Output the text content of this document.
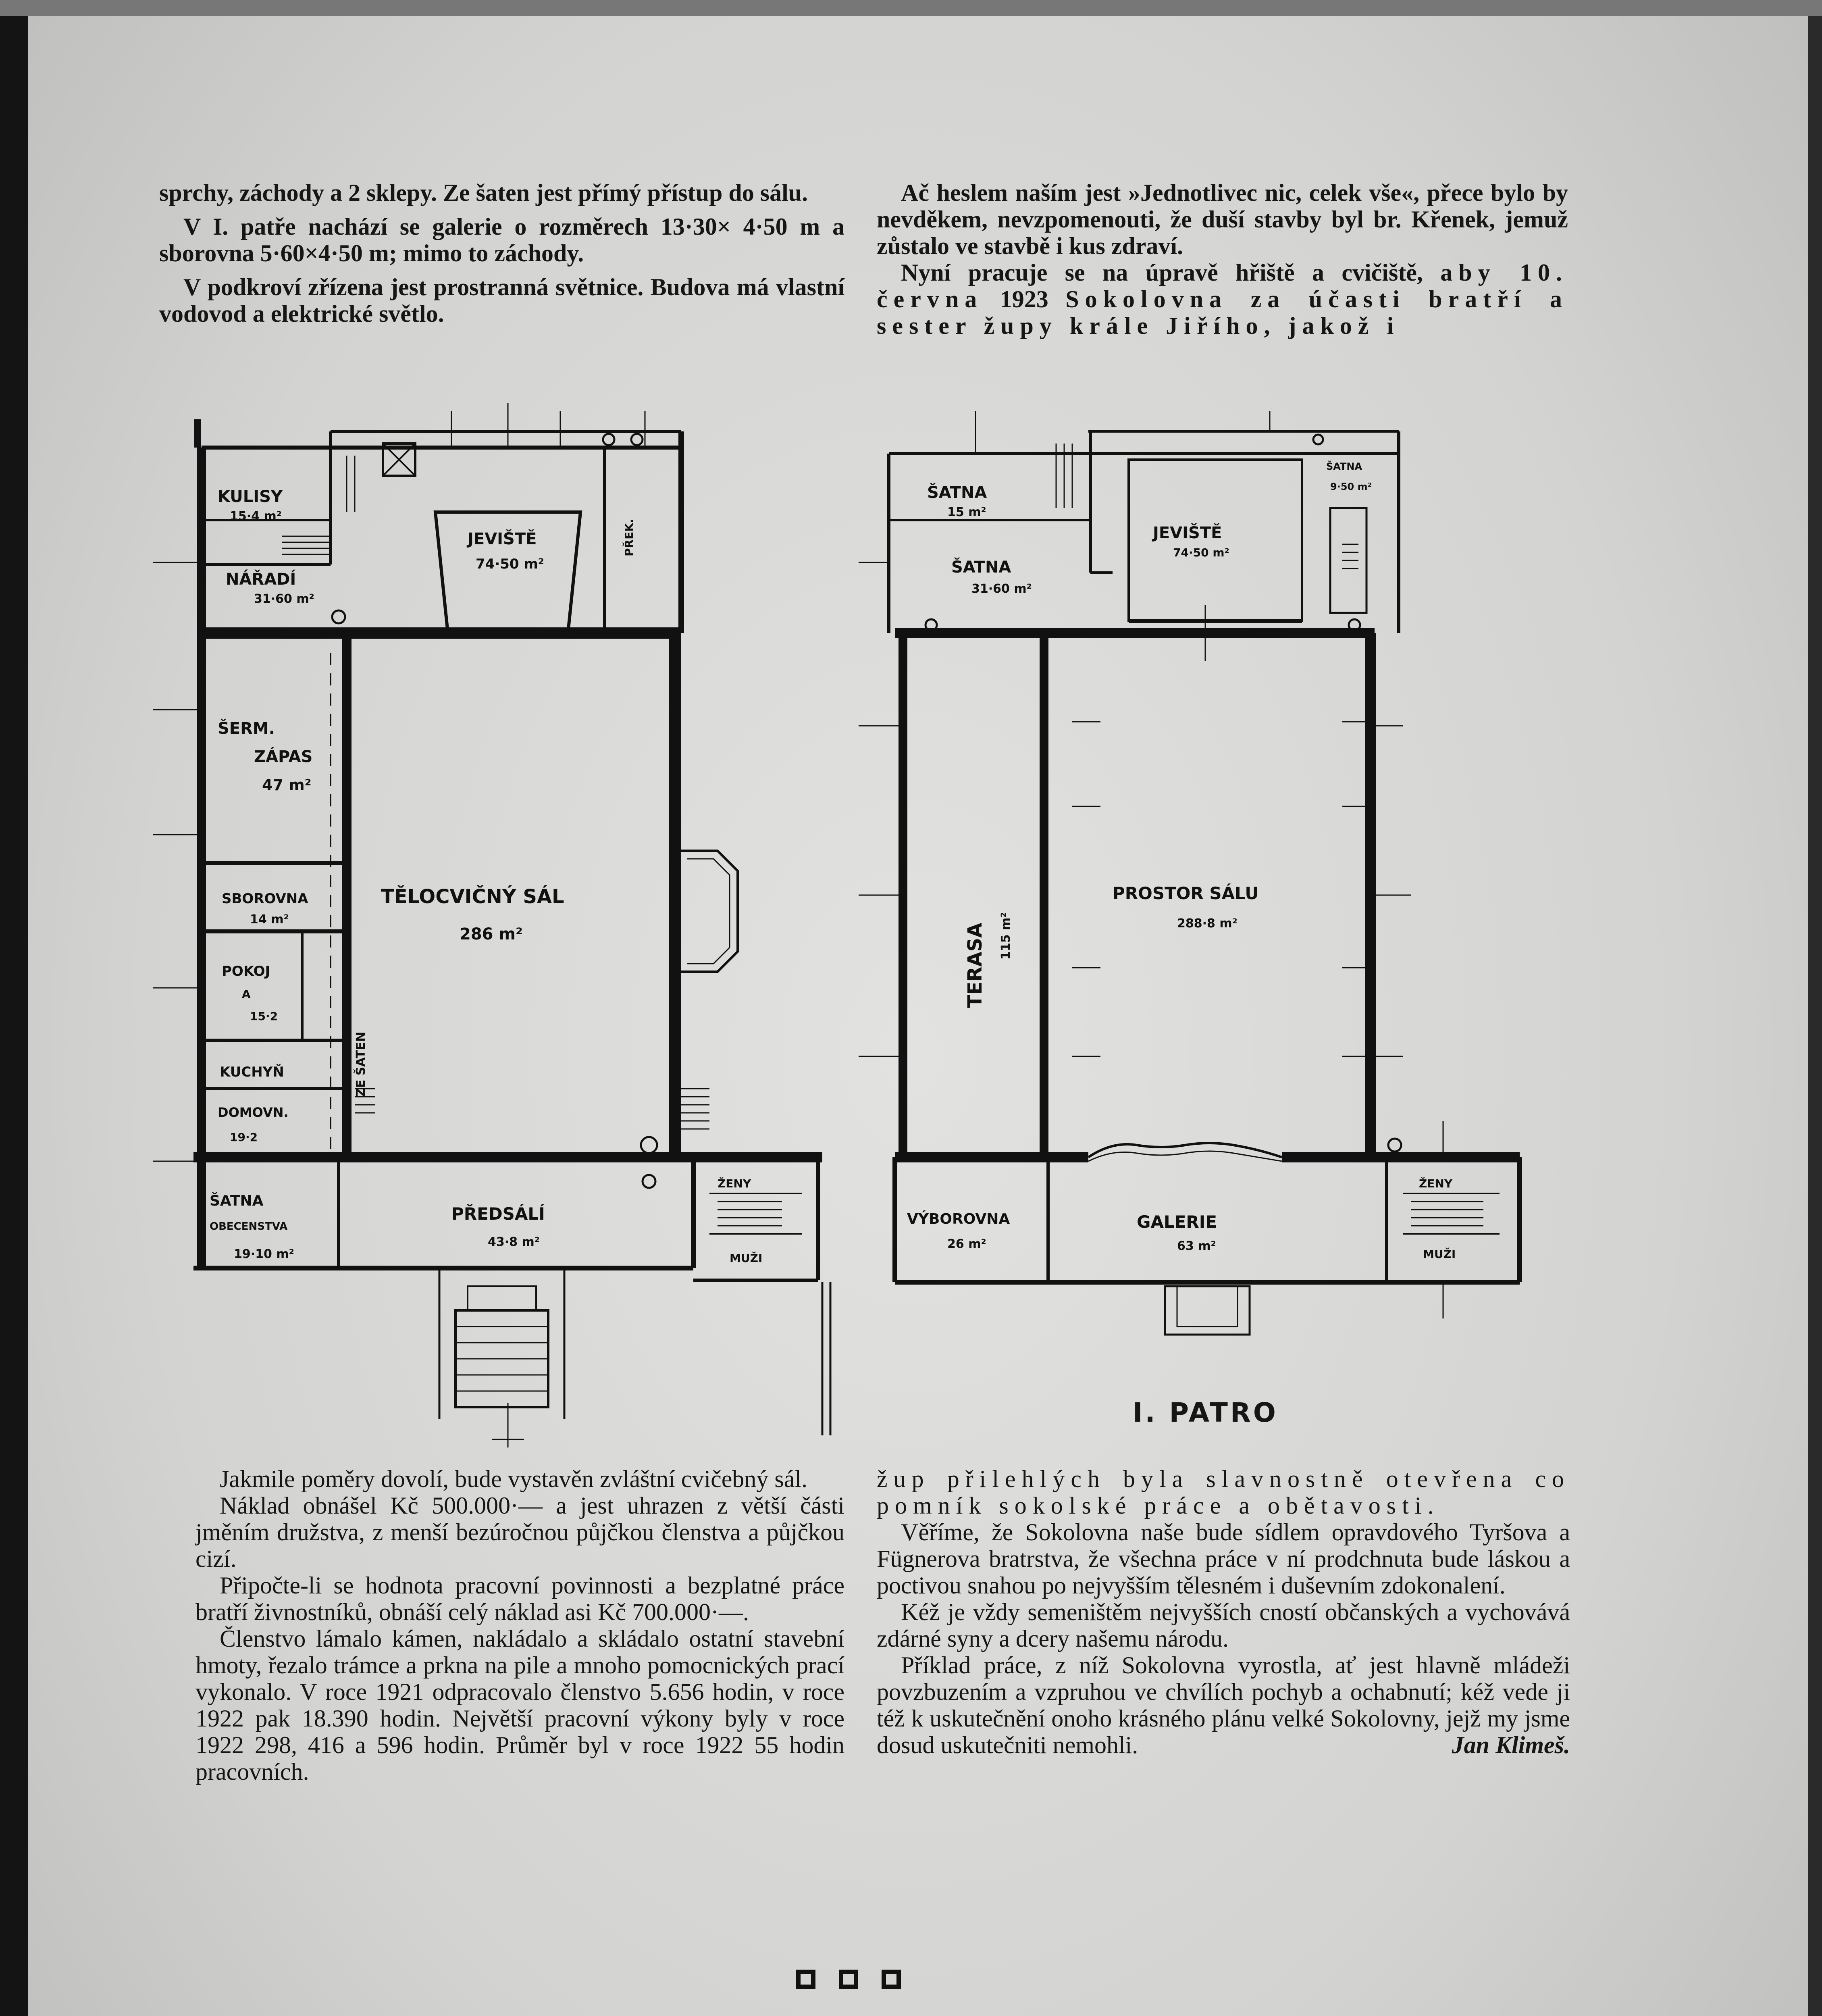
sprchy, záchody a 2 sklepy. Ze šaten jest přímý přístup do sálu.

V I. patře nachází se galerie o rozměrech 13·30× 4·50 m a sborovna 5·60×4·50 m; mimo to záchody.

V podkroví zřízena jest prostranná světnice. Budova má vlastní vodovod a elektrické světlo.

Ač heslem naším jest »Jednotlivec nic, celek vše«, přece bylo by nevděkem, nevzpomenouti, že duší stavby byl br. Křenek, jemuž zůstalo ve stavbě i kus zdraví.

Nyní pracuje se na úpravě hřiště a cvičiště, aby 10. června 1923 Sokolovna za účasti bratří a sester župy krále Jiřího, jakož i

KULISY
15·4 m²
NÁŘADÍ
31·60 m²
JEVIŠTĚ
74·50 m²
PŘEK.
ŠERM.
ZÁPAS
47 m²
TĚLOCVIČNÝ SÁL
286 m²
SBOROVNA
14 m²
POKOJ
A
15·2
KUCHYŇ
DOMOVN.
19·2
ZE ŠATEN
ŠATNA
OBECENSTVA
19·10 m²
PŘEDSÁLÍ
43·8 m²
ŽENY
MUŽI
ŠATNA
15 m²
ŠATNA
31·60 m²
JEVIŠTĚ
74·50 m²
ŠATNA
9·50 m²
TERASA 115 m²
PROSTOR SÁLU
288·8 m²
VÝBOROVNA
26 m²
GALERIE
63 m²
ŽENY
MUŽI
I. PATRO

Jakmile poměry dovolí, bude vystavěn zvláštní cvičebný sál.

Náklad obnášel Kč 500.000·— a jest uhrazen z větší části jměním družstva, z menší bezúročnou půjčkou členstva a půjčkou cizí.

Připočte-li se hodnota pracovní povinnosti a bezplatné práce bratří živnostníků, obnáší celý náklad asi Kč 700.000·—.

Členstvo lámalo kámen, nakládalo a skládalo ostatní stavební hmoty, řezalo trámce a prkna na pile a mnoho pomocnických prací vykonalo. V roce 1921 odpracovalo členstvo 5.656 hodin, v roce 1922 pak 18.390 hodin. Největší pracovní výkony byly v roce 1922 298, 416 a 596 hodin. Průměr byl v roce 1922 55 hodin pracovních.

žup přilehlých byla slavnostně otevřena co pomník sokolské práce a obětavosti.

Věříme, že Sokolovna naše bude sídlem opravdového Tyršova a Fügnerova bratrstva, že všechna práce v ní prodchnuta bude láskou a poctivou snahou po nejvyšším tělesném i duševním zdokonalení.

Kéž je vždy semeništěm nejvyšších cností občanských a vychovává zdárné syny a dcery našemu národu.

Příklad práce, z níž Sokolovna vyrostla, ať jest hlavně mládeži povzbuzením a vzpruhou ve chvílích pochyb a ochabnutí; kéž vede ji též k uskutečnění onoho krásného plánu velké Sokolovny, jejž my jsme dosud uskutečniti nemohli.	Jan Klimeš.
